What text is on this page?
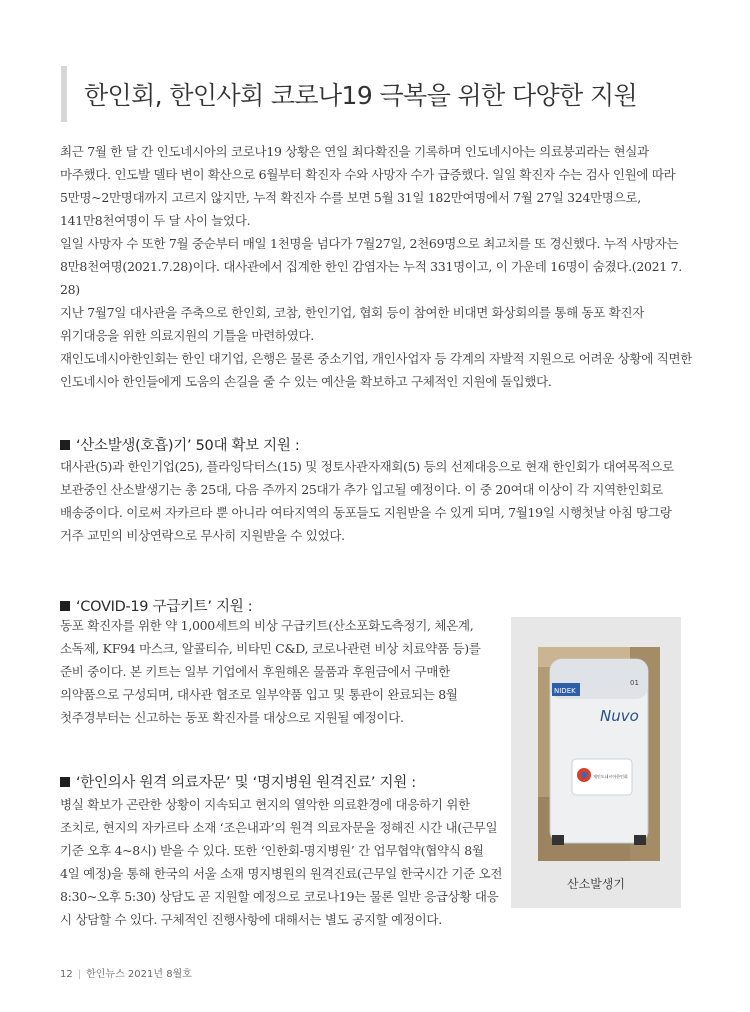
한인회, 한인사회 코로나19 극복을 위한 다양한 지원

최근 7월 한 달 간 인도네시아의 코로나19 상황은 연일 최다확진을 기록하며 인도네시아는 의료붕괴라는 현실과 마주했다. 인도발 델타 변이 확산으로 6월부터 확진자 수와 사망자 수가 급증했다. 일일 확진자 수는 검사 인원에 따라 5만명~2만명대까지 고르지 않지만, 누적 확진자 수를 보면 5월 31일 182만여명에서 7월 27일 324만명으로, 141만8천여명이 두 달 사이 늘었다.

일일 사망자 수 또한 7월 중순부터 매일 1천명을 넘다가 7월27일, 2천69명으로 최고치를 또 경신했다. 누적 사망자는 8만8천여명(2021.7.28)이다. 대사관에서 집계한 한인 감염자는 누적 331명이고, 이 가운데 16명이 숨졌다.(2021 7. 28)

지난 7월7일 대사관을 주축으로 한인회, 코참, 한인기업, 협회 등이 참여한 비대면 화상회의를 통해 동포 확진자 위기대응을 위한 의료지원의 기틀을 마련하였다.

재인도네시아한인회는 한인 대기업, 은행은 물론 중소기업, 개인사업자 등 각계의 자발적 지원으로 어려운 상황에 직면한 인도네시아 한인들에게 도움의 손길을 줄 수 있는 예산을 확보하고 구체적인 지원에 돌입했다.

‘산소발생(호흡)기’ 50대 확보 지원 :

대사관(5)과 한인기업(25), 플라잉닥터스(15) 및 정토사관자재회(5) 등의 선제대응으로 현재 한인회가 대여목적으로 보관중인 산소발생기는 총 25대, 다음 주까지 25대가 추가 입고될 예정이다. 이 중 20여대 이상이 각 지역한인회로 배송중이다. 이로써 자카르타 뿐 아니라 여타지역의 동포들도 지원받을 수 있게 되며, 7월19일 시행첫날 아침 땅그랑 거주 교민의 비상연락으로 무사히 지원받을 수 있었다.

‘COVID-19 구급키트’ 지원 :

동포 확진자를 위한 약 1,000세트의 비상 구급키트(산소포화도측정기, 체온계, 소독제, KF94 마스크, 알콜티슈, 비타민 C&D, 코로나관련 비상 치료약품 등)를 준비 중이다. 본 키트는 일부 기업에서 후원해온 물품과 후원금에서 구매한 의약품으로 구성되며, 대사관 협조로 일부약품 입고 및 통관이 완료되는 8월 첫주경부터는 신고하는 동포 확진자를 대상으로 지원될 예정이다.

‘한인의사 원격 의료자문’ 및 ‘명지병원 원격진료’ 지원 :

병실 확보가 곤란한 상황이 지속되고 현지의 열악한 의료환경에 대응하기 위한 조치로, 현지의 자카르타 소재 ‘조은내과’의 원격 의료자문을 정해진 시간 내(근무일 기준 오후 4~8시) 받을 수 있다. 또한 ‘인한회-명지병원’ 간 업무협약(협약식 8월 4일 예정)을 통해 한국의 서울 소재 명지병원의 원격진료(근무일 한국시간 기준 오전 8:30~오후 5:30) 상담도 곧 지원할 예정으로 코로나19는 물론 일반 응급상황 대응 시 상담할 수 있다. 구체적인 진행사항에 대해서는 별도 공지할 예정이다.

NIDEK
Nuvo
01
재인도네시아한인회
산소발생기
12 | 한인뉴스 2021년 8월호
